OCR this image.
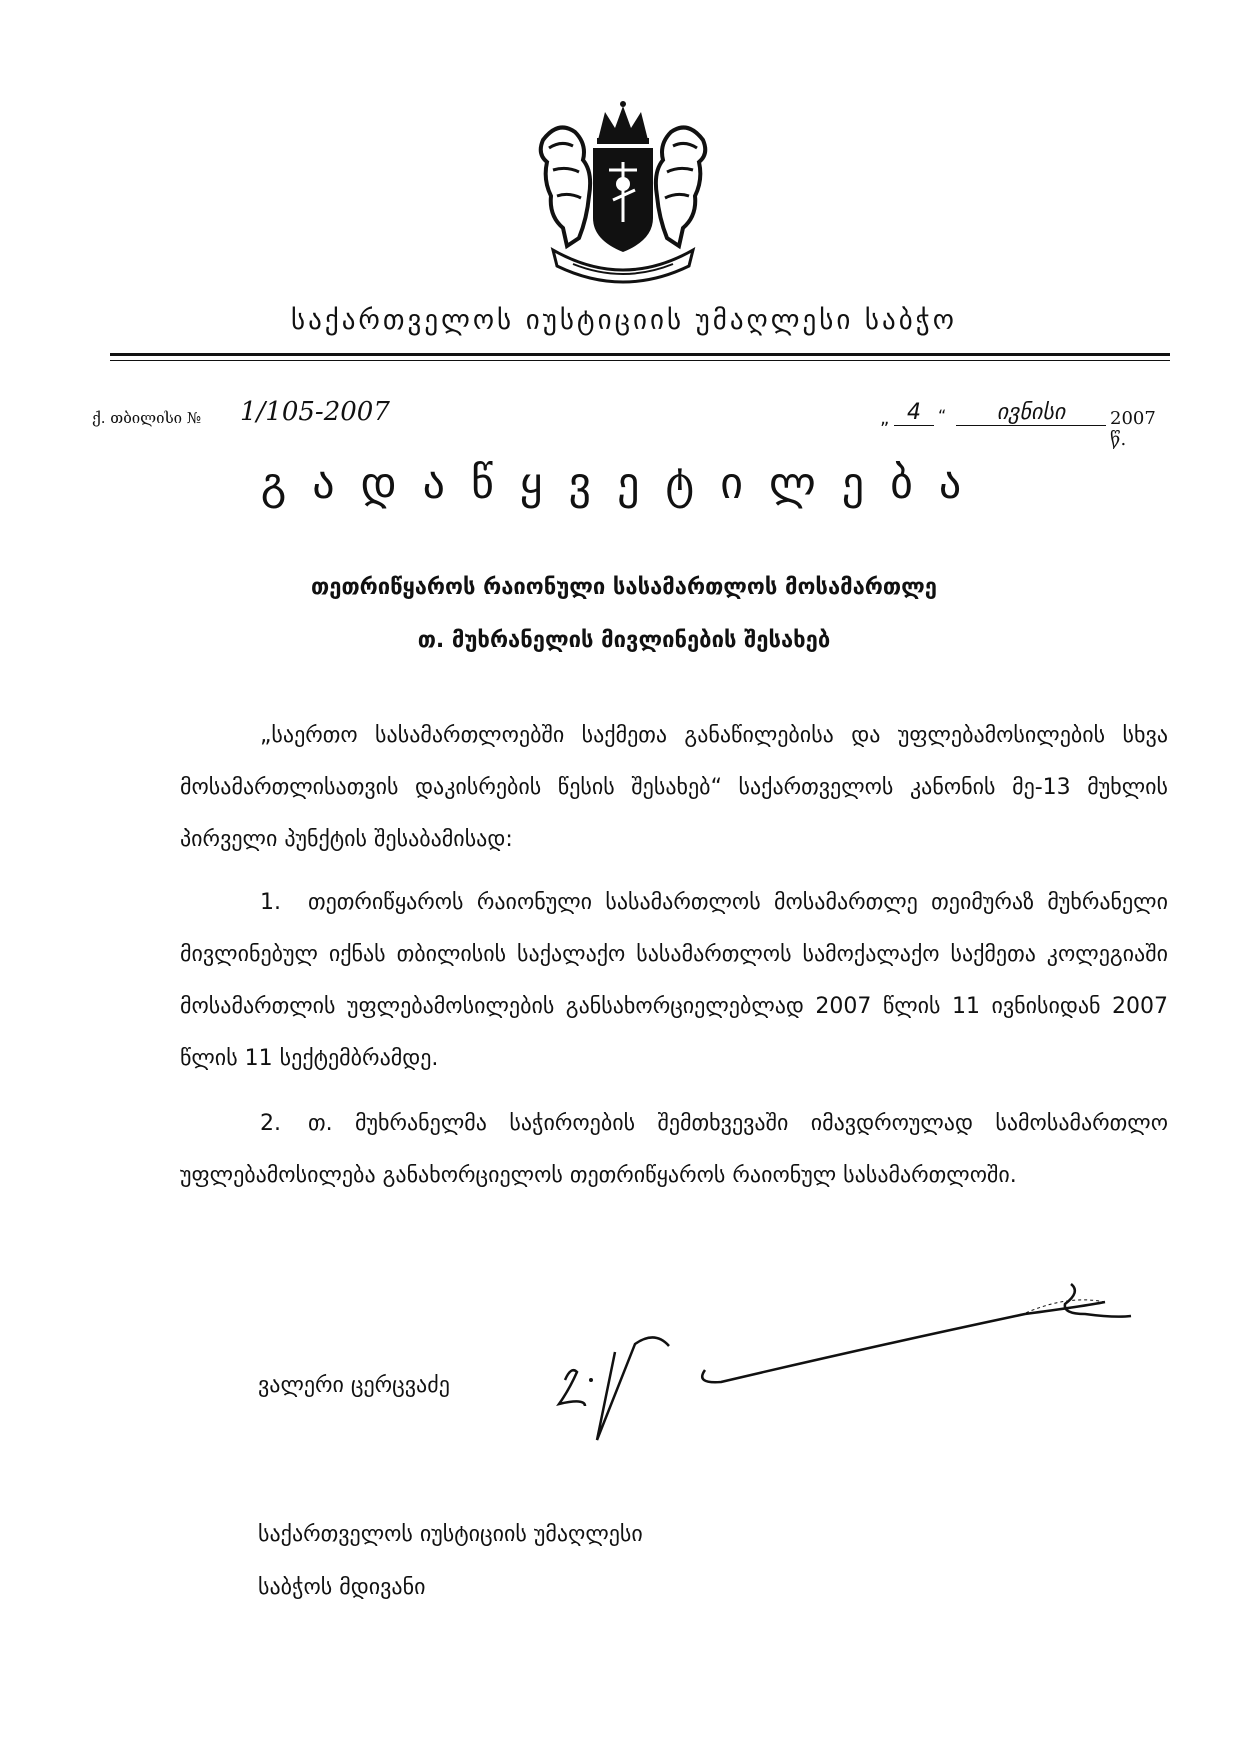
საქართველოს იუსტიციის უმაღლესი საბჭო
ქ. თბილისი № 1/105-2007	„ 4	“	ივნისი	2007 წ.
გადაწყვეტილება
თეთრიწყაროს რაიონული სასამართლოს მოსამართლე
თ. მუხრანელის მივლინების შესახებ
„საერთო სასამართლოებში საქმეთა განაწილებისა და უფლებამოსილების სხვა მოსამართლისათვის დაკისრების წესის შესახებ“ საქართველოს კანონის მე-13 მუხლის პირველი პუნქტის შესაბამისად:
1. თეთრიწყაროს რაიონული სასამართლოს მოსამართლე თეიმურაზ მუხრანელი მივლინებულ იქნას თბილისის საქალაქო სასამართლოს სამოქალაქო საქმეთა კოლეგიაში მოსამართლის უფლებამოსილების განსახორციელებლად 2007 წლის 11 ივნისიდან 2007 წლის 11 სექტემბრამდე.
2. თ. მუხრანელმა საჭიროების შემთხვევაში იმავდროულად სამოსამართლო უფლებამოსილება განახორციელოს თეთრიწყაროს რაიონულ სასამართლოში.
ვალერი ცერცვაძე
საქართველოს იუსტიციის უმაღლესი
საბჭოს მდივანი
